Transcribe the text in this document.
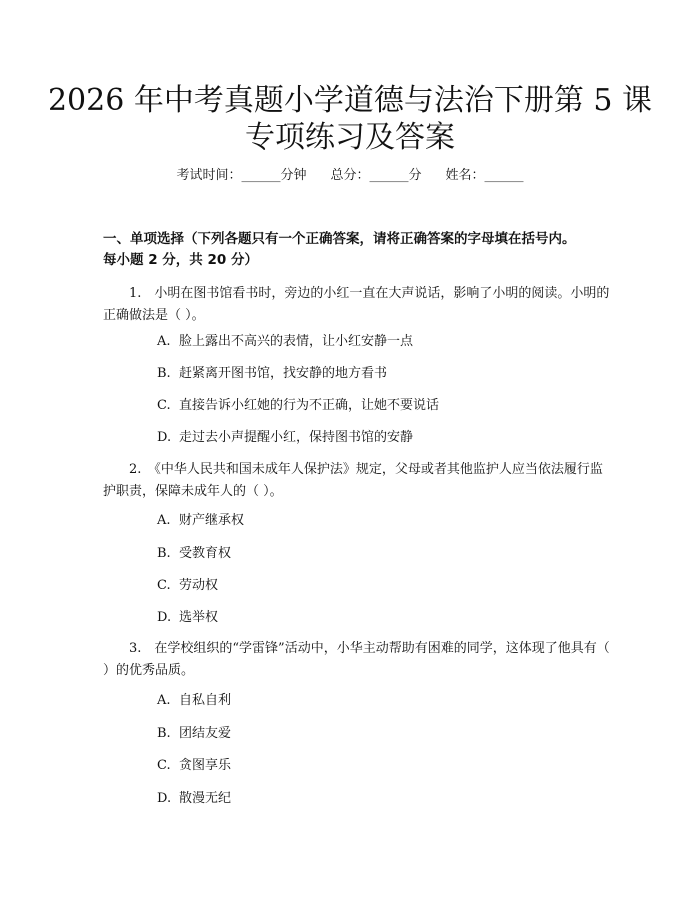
2026 年中考真题小学道德与法治下册第 5 课
专项练习及答案
考试时间：______分钟 总分：______分 姓名：______
一、单项选择（下列各题只有一个正确答案，请将正确答案的字母填在括号内。
每小题 2 分，共 20 分）
1.　小明在图书馆看书时，旁边的小红一直在大声说话，影响了小明的阅读。小明的正确做法是（ ）。
A. 脸上露出不高兴的表情，让小红安静一点
B. 赶紧离开图书馆，找安静的地方看书
C. 直接告诉小红她的行为不正确，让她不要说话
D. 走过去小声提醒小红，保持图书馆的安静
2.　《中华人民共和国未成年人保护法》规定，父母或者其他监护人应当依法履行监护职责，保障未成年人的（ ）。
A. 财产继承权
B. 受教育权
C. 劳动权
D. 选举权
3.　在学校组织的“学雷锋”活动中，小华主动帮助有困难的同学，这体现了他具有（ ）的优秀品质。
A. 自私自利
B. 团结友爱
C. 贪图享乐
D. 散漫无纪
